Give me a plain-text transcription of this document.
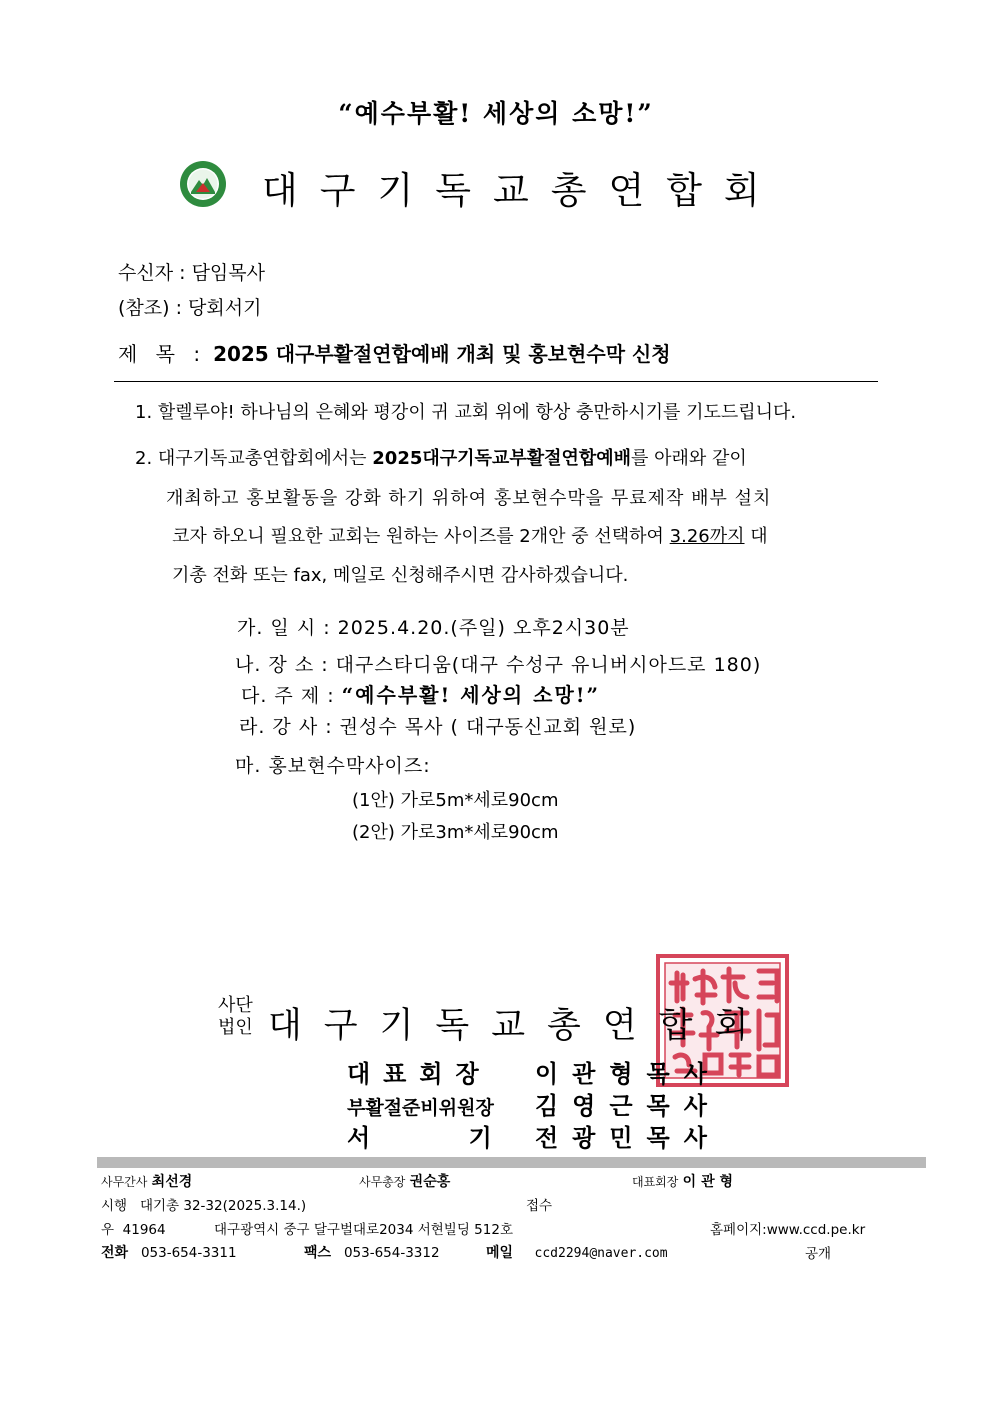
“예수부활! 세상의 소망!”
대구기독교총연합회
수신자 : 담임목사
(참조) : 당회서기
제 목 : 2025 대구부활절연합예배 개최 및 홍보현수막 신청
1. 할렐루야! 하나님의 은혜와 평강이 귀 교회 위에 항상 충만하시기를 기도드립니다.
2. 대구기독교총연합회에서는 2025대구기독교부활절연합예배를 아래와 같이
개최하고 홍보활동을 강화 하기 위하여 홍보현수막을 무료제작 배부 설치
코자 하오니 필요한 교회는 원하는 사이즈를 2개안 중 선택하여 3.26까지 대
기총 전화 또는 fax, 메일로 신청해주시면 감사하겠습니다.
가. 일 시 : 2025.4.20.(주일) 오후2시30분
나. 장 소 : 대구스타디움(대구 수성구 유니버시아드로 180)
다. 주 제 : “예수부활! 세상의 소망!”
라. 강 사 : 권성수 목사 ( 대구동신교회 원로)
마. 홍보현수막사이즈:
(1안) 가로5m*세로90cm
(2안) 가로3m*세로90cm
사단
법인 대구기독교총연합회
대표회장 이관형목사
부활절준비위원장 김영근목사
서    기 전광민목사
사무간사 최선경	사무총장 권순홍	대표회장 이 관 형
시행 대기총 32-32(2025.3.14.)	접수
우 41964	대구광역시 중구 달구벌대로2034 서현빌딩 512호	홈페이지:www.ccd.pe.kr
전화 053-654-3311	팩스 053-654-3312	메일 ccd2294@naver.com	공개
